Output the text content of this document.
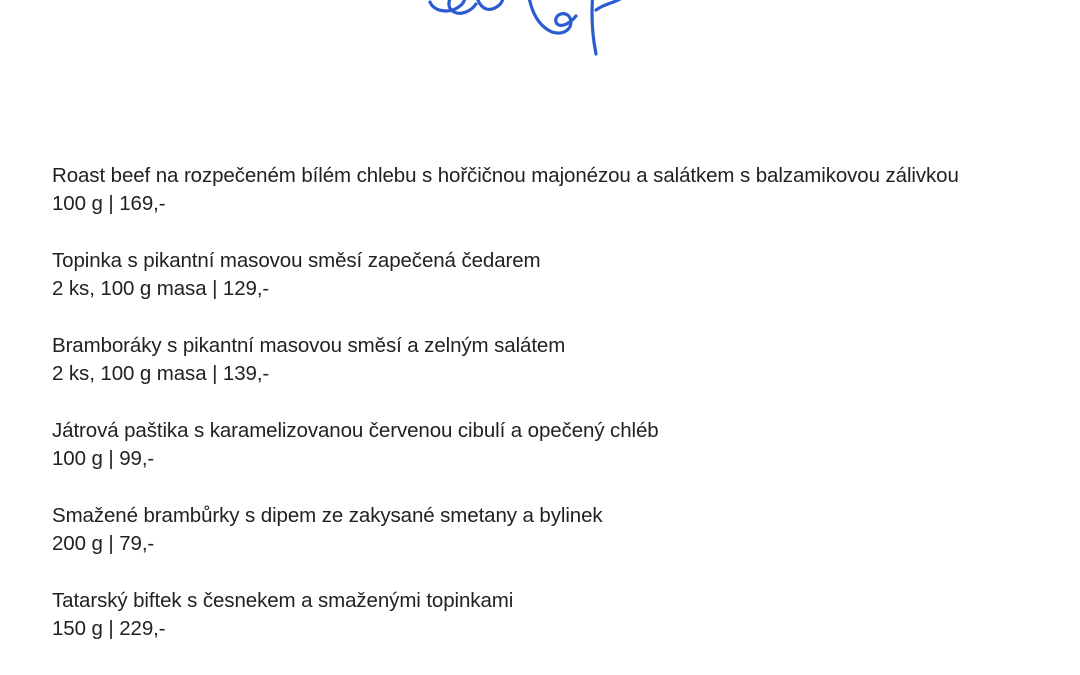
Roast beef na rozpečeném bílém chlebu s hořčičnou majonézou a salátkem s balzamikovou zálivkou
100 g | 169,-
Topinka s pikantní masovou směsí zapečená čedarem
2 ks, 100 g masa | 129,-
Bramboráky s pikantní masovou směsí a zelným salátem
2 ks, 100 g masa | 139,-
Játrová paštika s karamelizovanou červenou cibulí a opečený chléb
100 g | 99,-
Smažené brambůrky s dipem ze zakysané smetany a bylinek
200 g | 79,-
Tatarský biftek s česnekem a smaženými topinkami
150 g | 229,-
